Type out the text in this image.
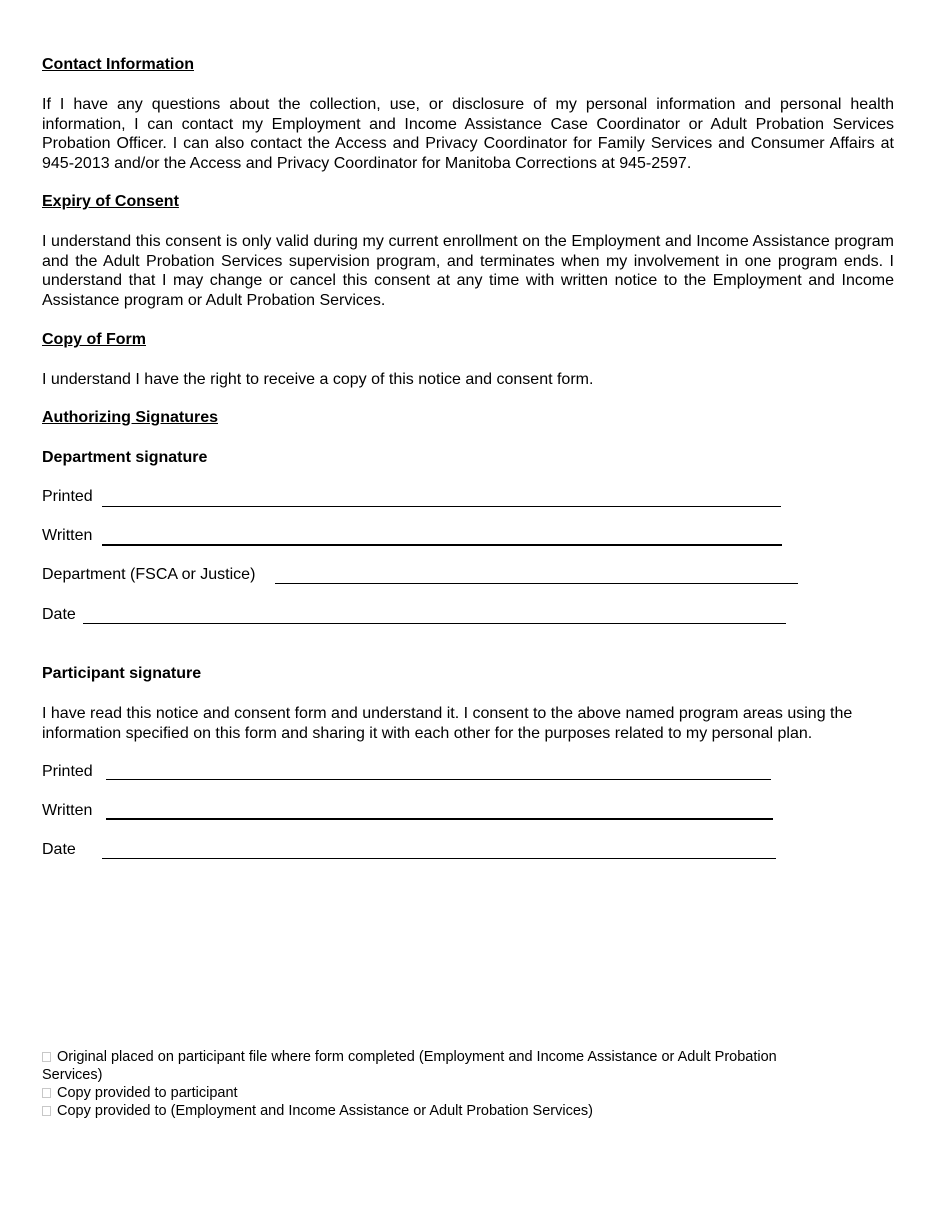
Contact Information
If I have any questions about the collection, use, or disclosure of my personal information and personal health information, I can contact my Employment and Income Assistance Case Coordinator or Adult Probation Services Probation Officer. I can also contact the Access and Privacy Coordinator for Family Services and Consumer Affairs at 945-2013 and/or the Access and Privacy Coordinator for Manitoba Corrections at 945-2597.
Expiry of Consent
I understand this consent is only valid during my current enrollment on the Employment and Income Assistance program and the Adult Probation Services supervision program, and terminates when my involvement in one program ends. I understand that I may change or cancel this consent at any time with written notice to the Employment and Income Assistance program or Adult Probation Services.
Copy of Form
I understand I have the right to receive a copy of this notice and consent form.
Authorizing Signatures
Department signature
Printed
Written
Department (FSCA or Justice)
Date
Participant signature
I have read this notice and consent form and understand it. I consent to the above named program areas using the information specified on this form and sharing it with each other for the purposes related to my personal plan.
Printed
Written
Date
Original placed on participant file where form completed (Employment and Income Assistance or Adult Probation Services)
Copy provided to participant
Copy provided to (Employment and Income Assistance or Adult Probation Services)
